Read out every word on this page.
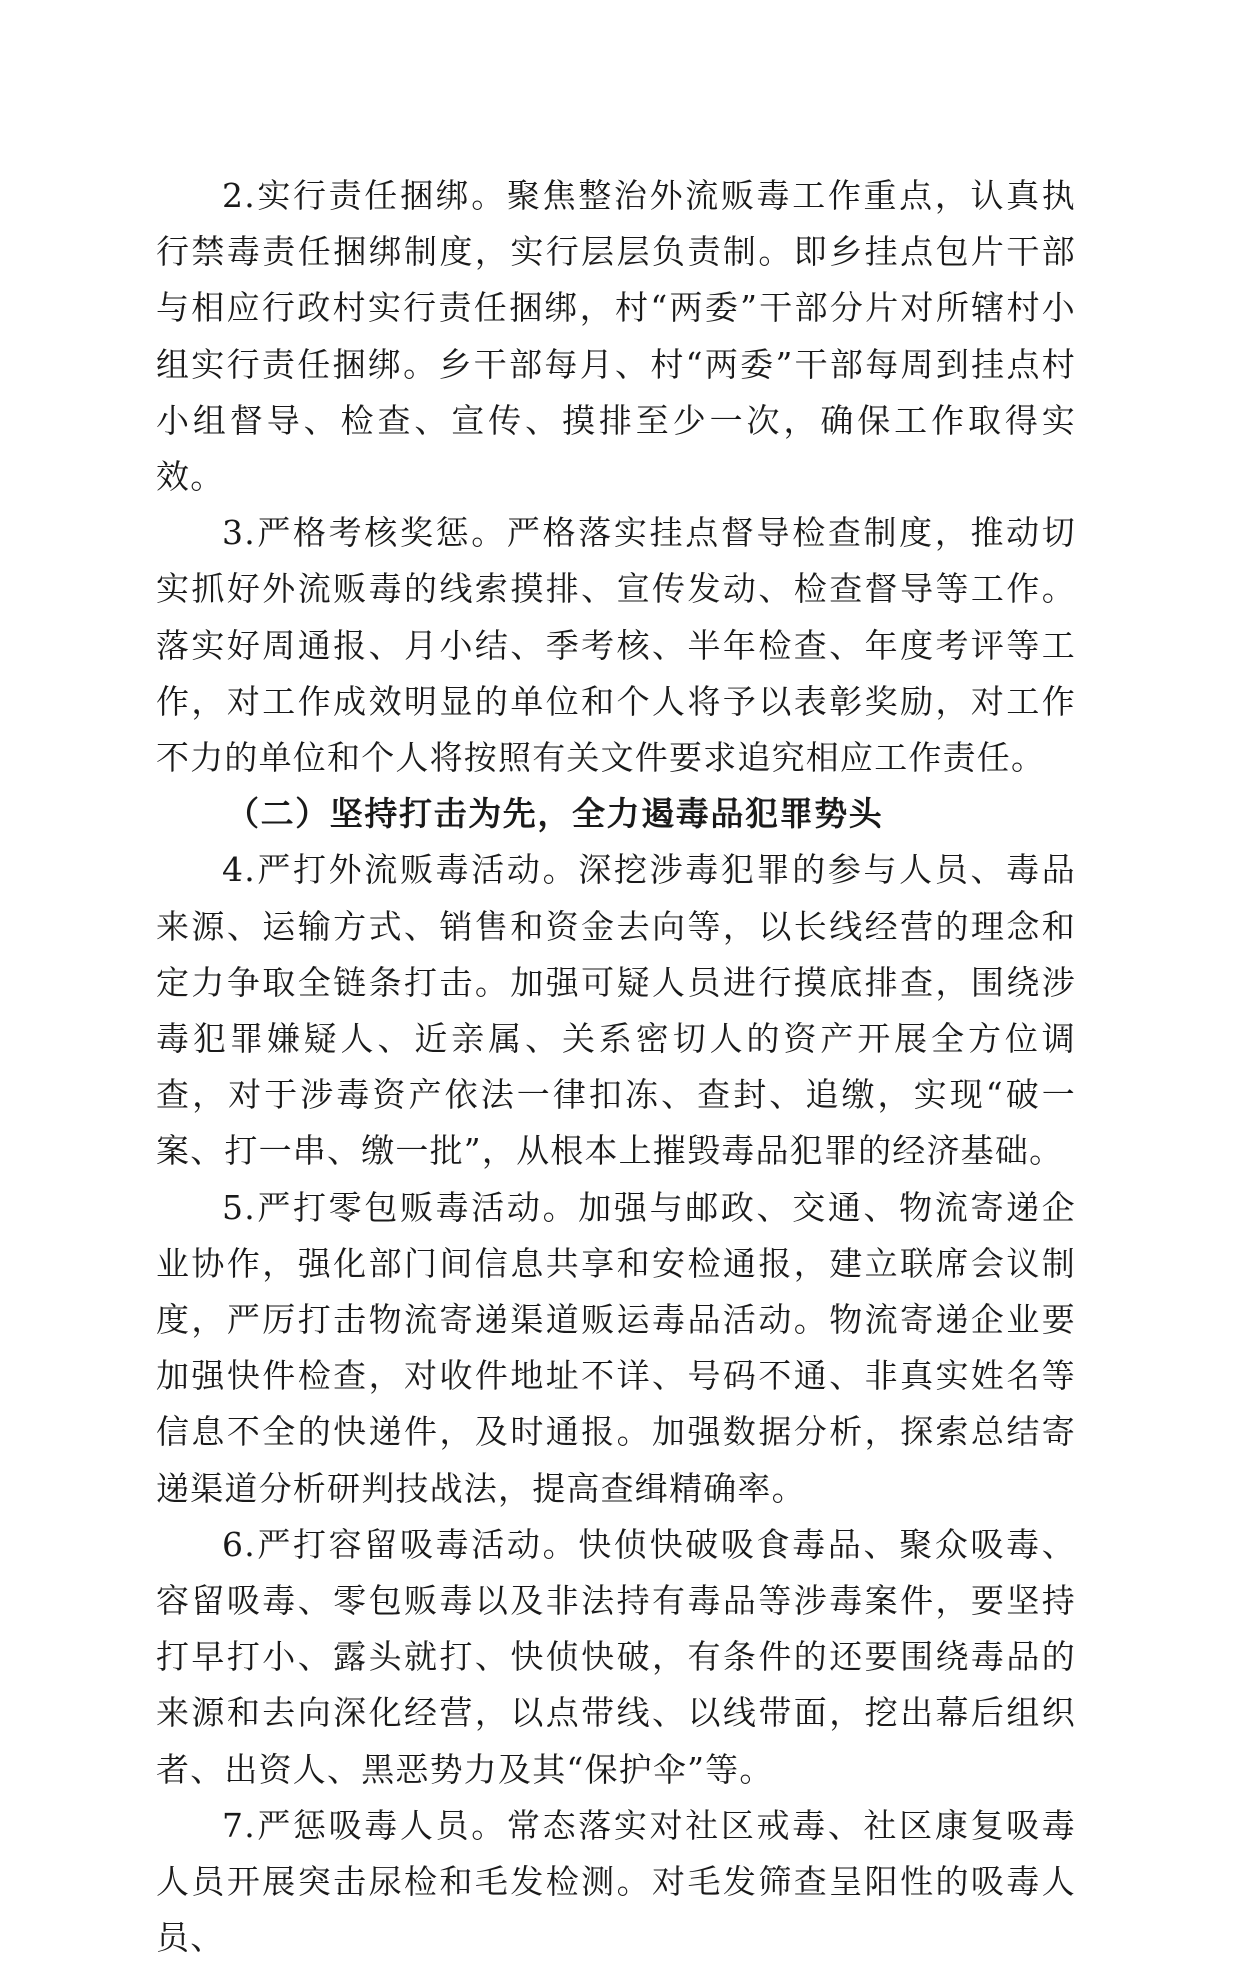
2.实行责任捆绑。聚焦整治外流贩毒工作重点，认真执行禁毒责任捆绑制度，实行层层负责制。即乡挂点包片干部与相应行政村实行责任捆绑，村“两委”干部分片对所辖村小组实行责任捆绑。乡干部每月、村“两委”干部每周到挂点村小组督导、检查、宣传、摸排至少一次，确保工作取得实效。

3.严格考核奖惩。严格落实挂点督导检查制度，推动切实抓好外流贩毒的线索摸排、宣传发动、检查督导等工作。落实好周通报、月小结、季考核、半年检查、年度考评等工作，对工作成效明显的单位和个人将予以表彰奖励，对工作不力的单位和个人将按照有关文件要求追究相应工作责任。

（二）坚持打击为先，全力遏毒品犯罪势头

4.严打外流贩毒活动。深挖涉毒犯罪的参与人员、毒品来源、运输方式、销售和资金去向等，以长线经营的理念和定力争取全链条打击。加强可疑人员进行摸底排查，围绕涉毒犯罪嫌疑人、近亲属、关系密切人的资产开展全方位调查，对于涉毒资产依法一律扣冻、查封、追缴，实现“破一案、打一串、缴一批”，从根本上摧毁毒品犯罪的经济基础。

5.严打零包贩毒活动。加强与邮政、交通、物流寄递企业协作，强化部门间信息共享和安检通报，建立联席会议制度，严厉打击物流寄递渠道贩运毒品活动。物流寄递企业要加强快件检查，对收件地址不详、号码不通、非真实姓名等信息不全的快递件，及时通报。加强数据分析，探索总结寄递渠道分析研判技战法，提高查缉精确率。

6.严打容留吸毒活动。快侦快破吸食毒品、聚众吸毒、容留吸毒、零包贩毒以及非法持有毒品等涉毒案件，要坚持打早打小、露头就打、快侦快破，有条件的还要围绕毒品的来源和去向深化经营，以点带线、以线带面，挖出幕后组织者、出资人、黑恶势力及其“保护伞”等。

7.严惩吸毒人员。常态落实对社区戒毒、社区康复吸毒人员开展突击尿检和毛发检测。对毛发筛查呈阳性的吸毒人员、
